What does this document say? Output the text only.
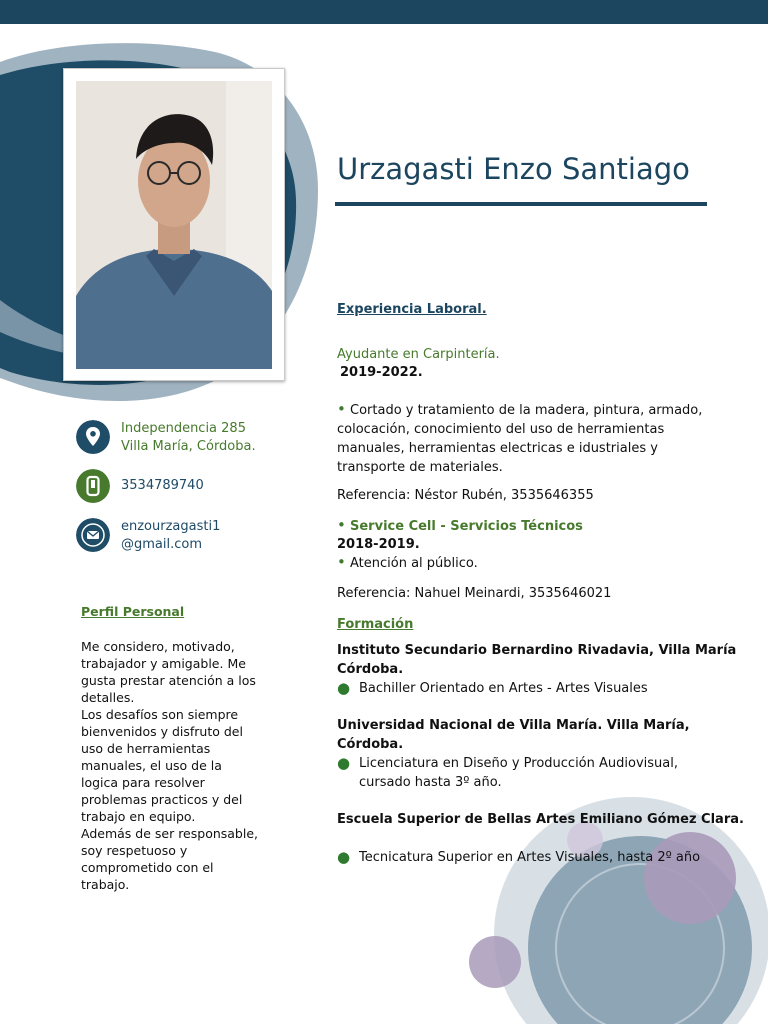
Urzagasti Enzo Santiago
Independencia 285
Villa María, Córdoba.
3534789740
enzourzagasti1
@gmail.com
Perfil Personal

Me considero, motivado, trabajador y amigable. Me gusta prestar atención a los detalles.

Los desafíos son siempre bienvenidos y disfruto del uso de herramientas manuales, el uso de la logica para resolver problemas practicos y del trabajo en equipo.

Además de ser responsable, soy respetuoso y comprometido con el trabajo.

Experiencia Laboral.
Ayudante en Carpintería.
2019-2022.
• Cortado y tratamiento de la madera, pintura, armado,
colocación, conocimiento del uso de herramientas
manuales, herramientas electricas e idustriales y
transporte de materiales.
Referencia: Néstor Rubén, 3535646355
• Service Cell - Servicios Técnicos
2018-2019.
• Atención al público.
Referencia: Nahuel Meinardi, 3535646021
Formación
Instituto Secundario Bernardino Rivadavia, Villa María
Córdoba.
● Bachiller Orientado en Artes - Artes Visuales
Universidad Nacional de Villa María. Villa María,
Córdoba.
● Licenciatura en Diseño y Producción Audiovisual,
cursado hasta 3º año.
Escuela Superior de Bellas Artes Emiliano Gómez Clara.
● Tecnicatura Superior en Artes Visuales, hasta 2º año
